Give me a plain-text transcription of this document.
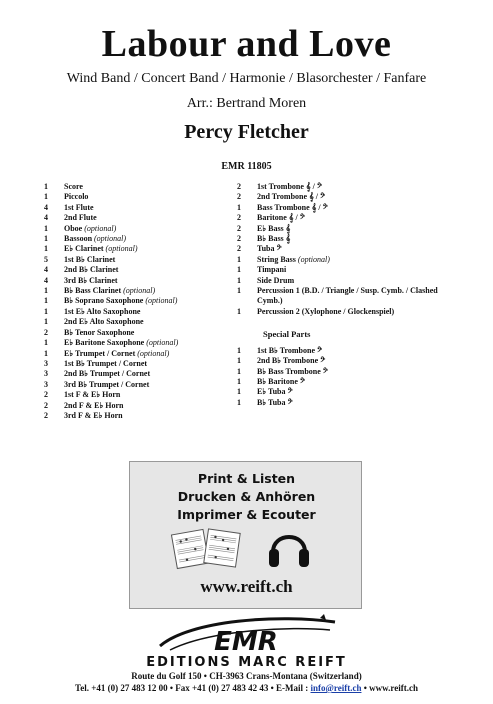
Labour and Love
Wind Band / Concert Band / Harmonie / Blasorchester / Fanfare
Arr.: Bertrand Moren
Percy Fletcher
EMR 11805
1	Score
1	Piccolo
4	1st Flute
4	2nd Flute
1	Oboe (optional)
1	Bassoon (optional)
1	E♭ Clarinet (optional)
5	1st B♭ Clarinet
4	2nd B♭ Clarinet
4	3rd B♭ Clarinet
1	B♭ Bass Clarinet (optional)
1	B♭ Soprano Saxophone (optional)
1	1st E♭ Alto Saxophone
1	2nd E♭ Alto Saxophone
2	B♭ Tenor Saxophone
1	E♭ Baritone Saxophone (optional)
1	E♭ Trumpet / Cornet (optional)
3	1st B♭ Trumpet / Cornet
3	2nd B♭ Trumpet / Cornet
3	3rd B♭ Trumpet / Cornet
2	1st F & E♭ Horn
2	2nd F & E♭ Horn
2	3rd F & E♭ Horn
2	1st Trombone 𝄞 / 𝄢
2	2nd Trombone 𝄞 / 𝄢
1	Bass Trombone 𝄞 / 𝄢
2	Baritone 𝄞 / 𝄢
2	E♭ Bass 𝄞
2	B♭ Bass 𝄞
2	Tuba 𝄢
1	String Bass (optional)
1	Timpani
1	Side Drum
1	Percussion 1 (B.D. / Triangle / Susp. Cymb. / Clashed Cymb.)
1	Percussion 2 (Xylophone / Glockenspiel)
Special Parts
1	1st B♭ Trombone 𝄢
1	2nd B♭ Trombone 𝄢
1	B♭ Bass Trombone 𝄢
1	B♭ Baritone 𝄢
1	E♭ Tuba 𝄢
1	B♭ Tuba 𝄢
Print & Listen
Drucken & Anhören
Imprimer & Ecouter
www.reift.ch
EMR
EDITIONS MARC REIFT
Route du Golf 150 • CH-3963 Crans-Montana (Switzerland)
Tel. +41 (0) 27 483 12 00 • Fax +41 (0) 27 483 42 43 • E-Mail : info@reift.ch • www.reift.ch
